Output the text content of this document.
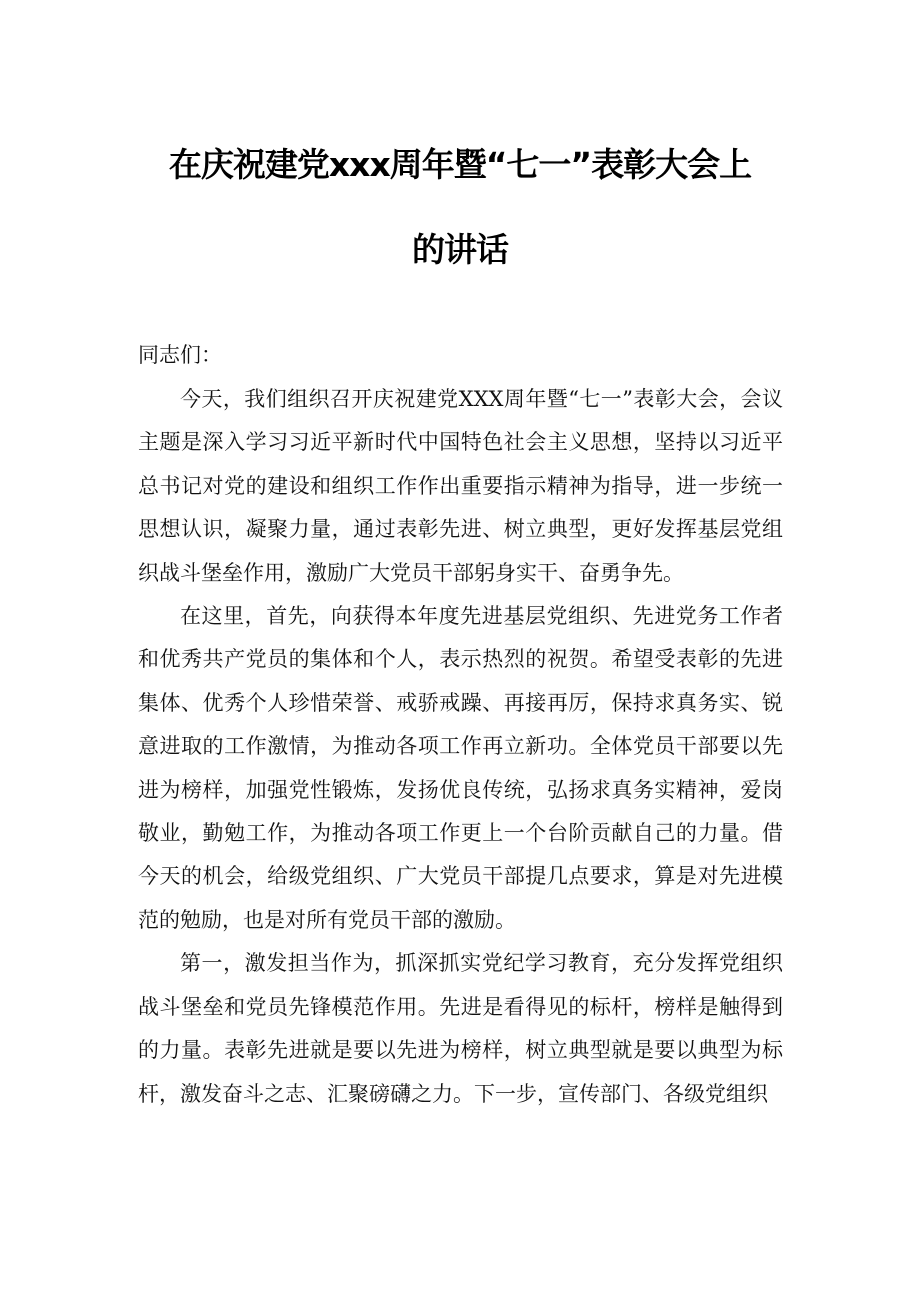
在庆祝建党xxx周年暨“七一”表彰大会上
的讲话
同志们：

今天，我们组织召开庆祝建党XXX周年暨“七一”表彰大会，会议主题是深入学习习近平新时代中国特色社会主义思想，坚持以习近平总书记对党的建设和组织工作作出重要指示精神为指导，进一步统一思想认识，凝聚力量，通过表彰先进、树立典型，更好发挥基层党组织战斗堡垒作用，激励广大党员干部躬身实干、奋勇争先。

在这里，首先，向获得本年度先进基层党组织、先进党务工作者和优秀共产党员的集体和个人，表示热烈的祝贺。希望受表彰的先进集体、优秀个人珍惜荣誉、戒骄戒躁、再接再厉，保持求真务实、锐意进取的工作激情，为推动各项工作再立新功。全体党员干部要以先进为榜样，加强党性锻炼，发扬优良传统，弘扬求真务实精神，爱岗敬业，勤勉工作，为推动各项工作更上一个台阶贡献自己的力量。借今天的机会，给级党组织、广大党员干部提几点要求，算是对先进模范的勉励，也是对所有党员干部的激励。

第一，激发担当作为，抓深抓实党纪学习教育，充分发挥党组织战斗堡垒和党员先锋模范作用。先进是看得见的标杆，榜样是触得到的力量。表彰先进就是要以先进为榜样，树立典型就是要以典型为标杆，激发奋斗之志、汇聚磅礴之力。下一步，宣传部门、各级党组织
